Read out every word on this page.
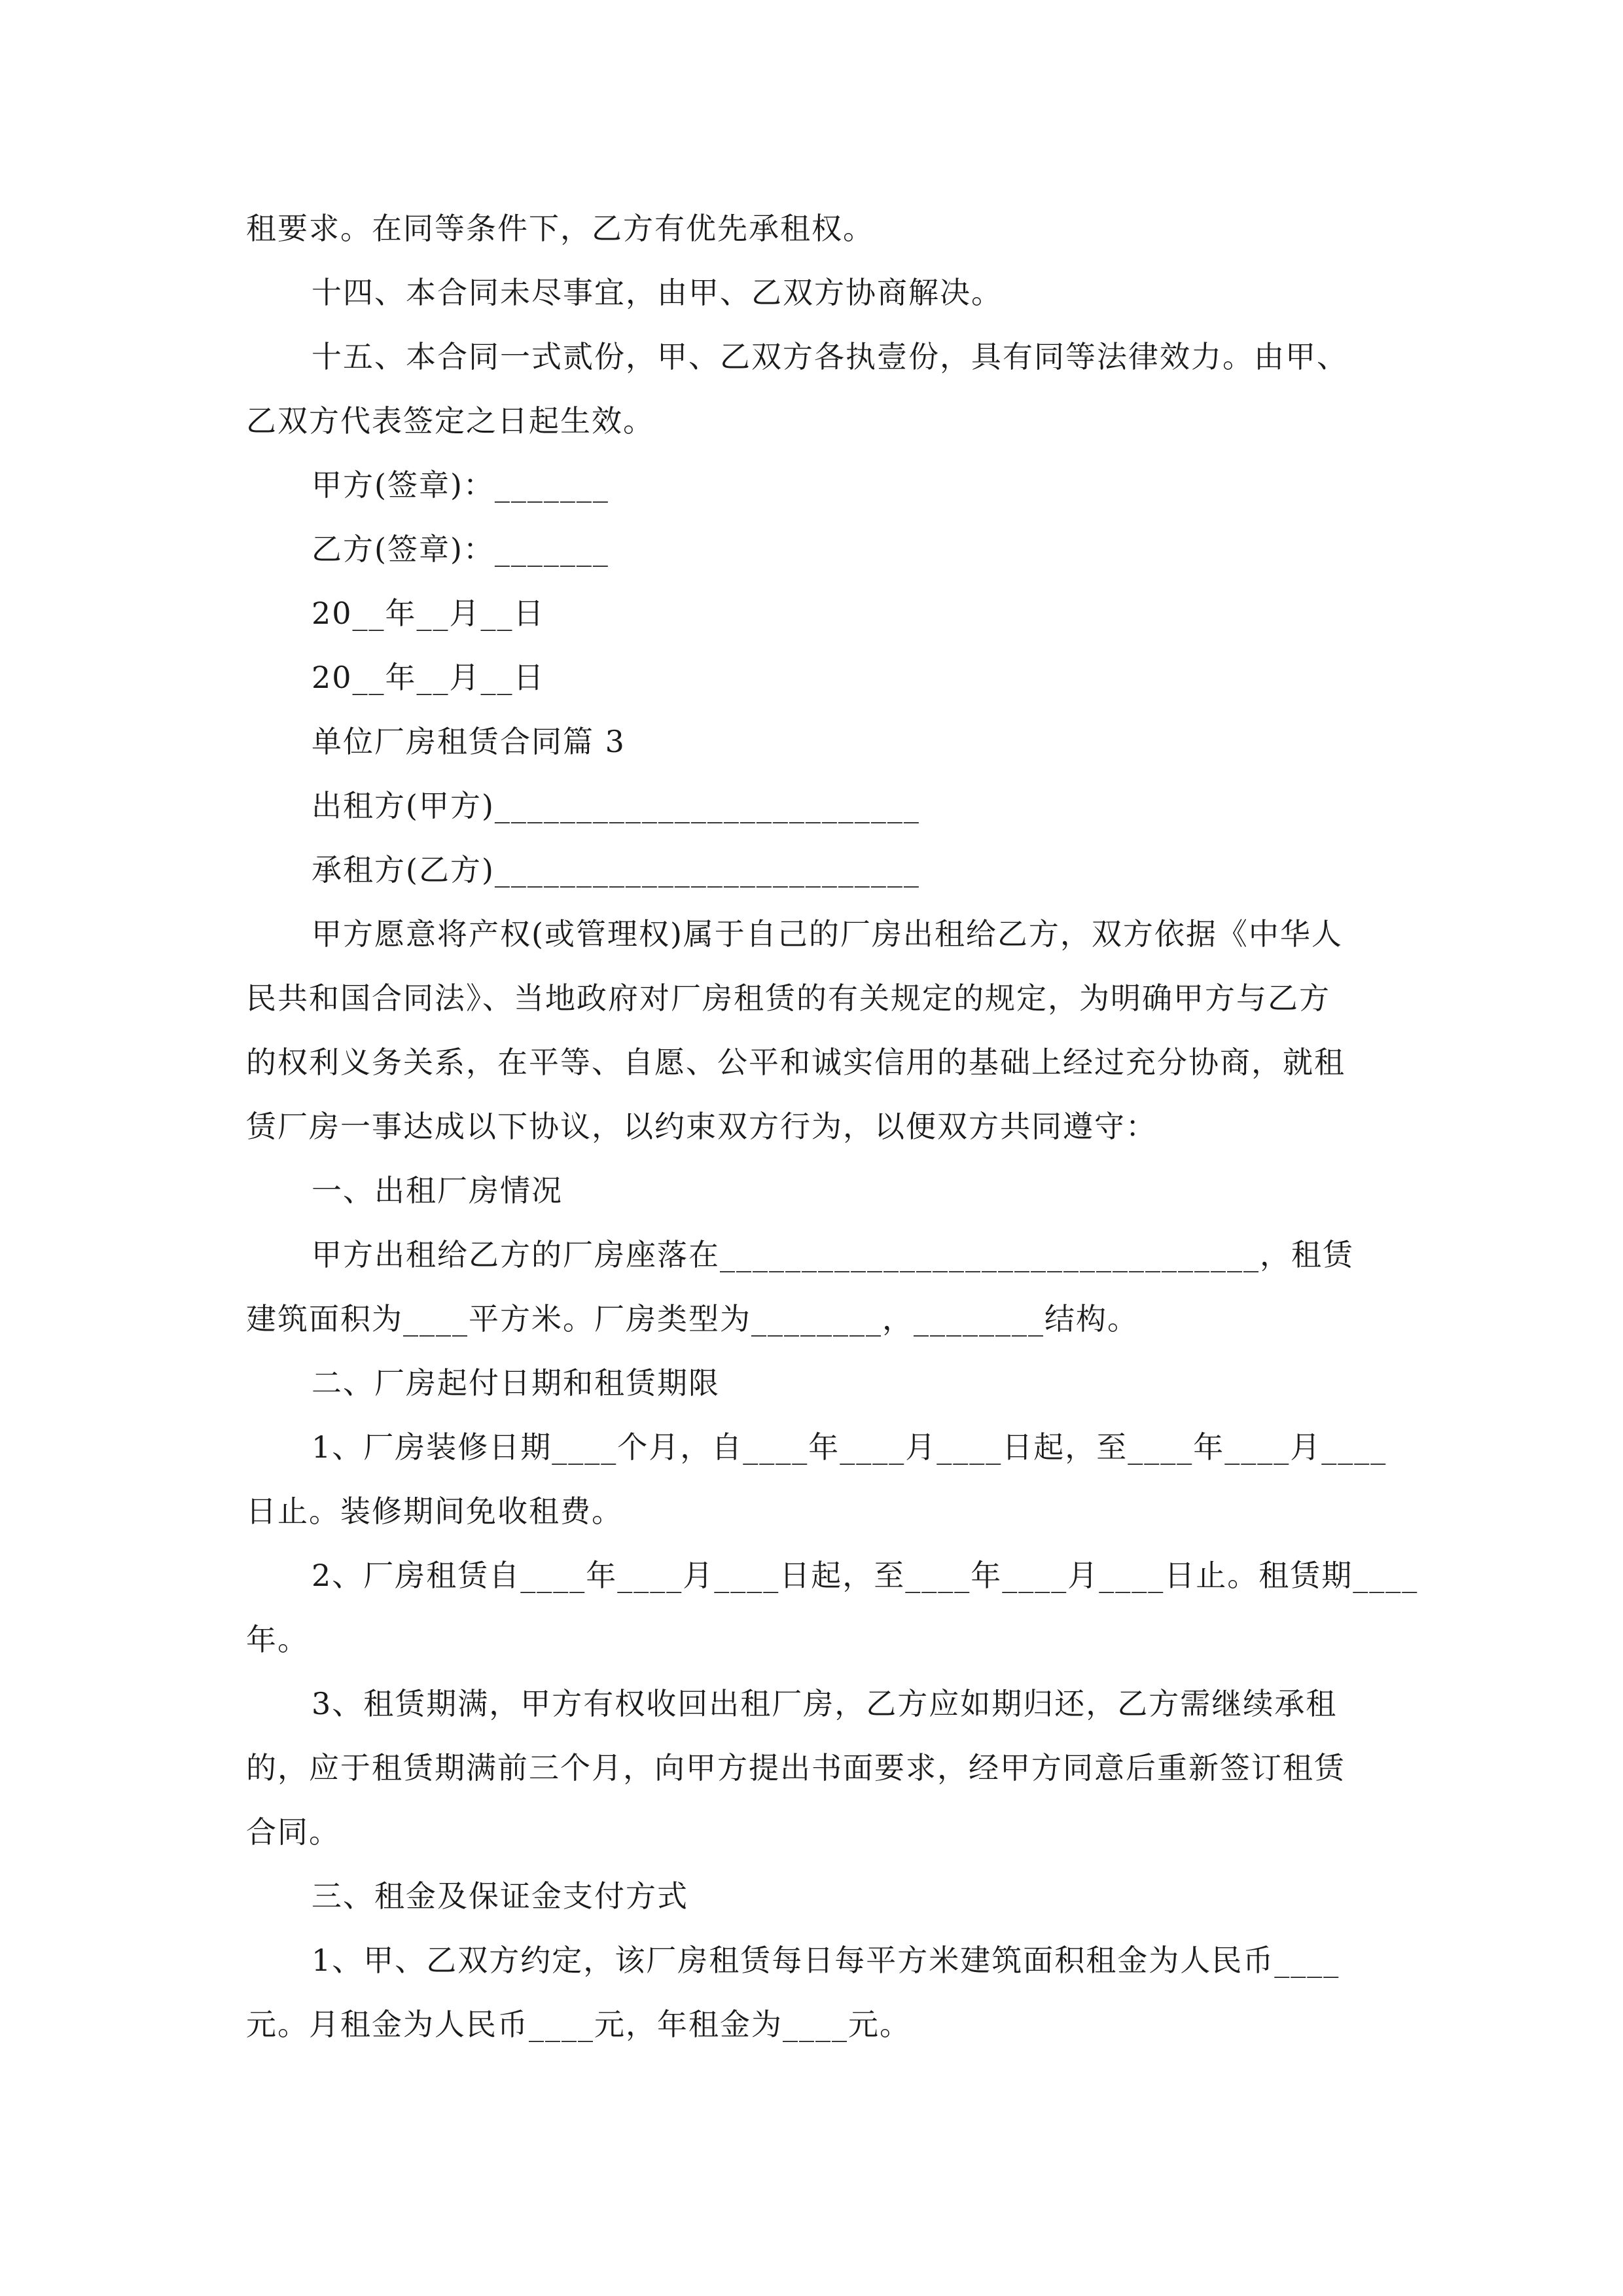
租要求。在同等条件下，乙方有优先承租权。
十四、本合同未尽事宜，由甲、乙双方协商解决。
十五、本合同一式贰份，甲、乙双方各执壹份，具有同等法律效力。由甲、
乙双方代表签定之日起生效。
甲方(签章)：_______
乙方(签章)：_______
20__年__月__日
20__年__月__日
单位厂房租赁合同篇 3
出租方(甲方)__________________________
承租方(乙方)__________________________
甲方愿意将产权(或管理权)属于自己的厂房出租给乙方，双方依据《中华人
民共和国合同法》、当地政府对厂房租赁的有关规定的规定，为明确甲方与乙方
的权利义务关系，在平等、自愿、公平和诚实信用的基础上经过充分协商，就租
赁厂房一事达成以下协议，以约束双方行为，以便双方共同遵守：
一、出租厂房情况
甲方出租给乙方的厂房座落在_________________________________，租赁
建筑面积为____平方米。厂房类型为________，________结构。
二、厂房起付日期和租赁期限
1、厂房装修日期____个月，自____年____月____日起，至____年____月____
日止。装修期间免收租费。
2、厂房租赁自____年____月____日起，至____年____月____日止。租赁期____
年。
3、租赁期满，甲方有权收回出租厂房，乙方应如期归还，乙方需继续承租
的，应于租赁期满前三个月，向甲方提出书面要求，经甲方同意后重新签订租赁
合同。
三、租金及保证金支付方式
1、甲、乙双方约定，该厂房租赁每日每平方米建筑面积租金为人民币____
元。月租金为人民币____元，年租金为____元。
